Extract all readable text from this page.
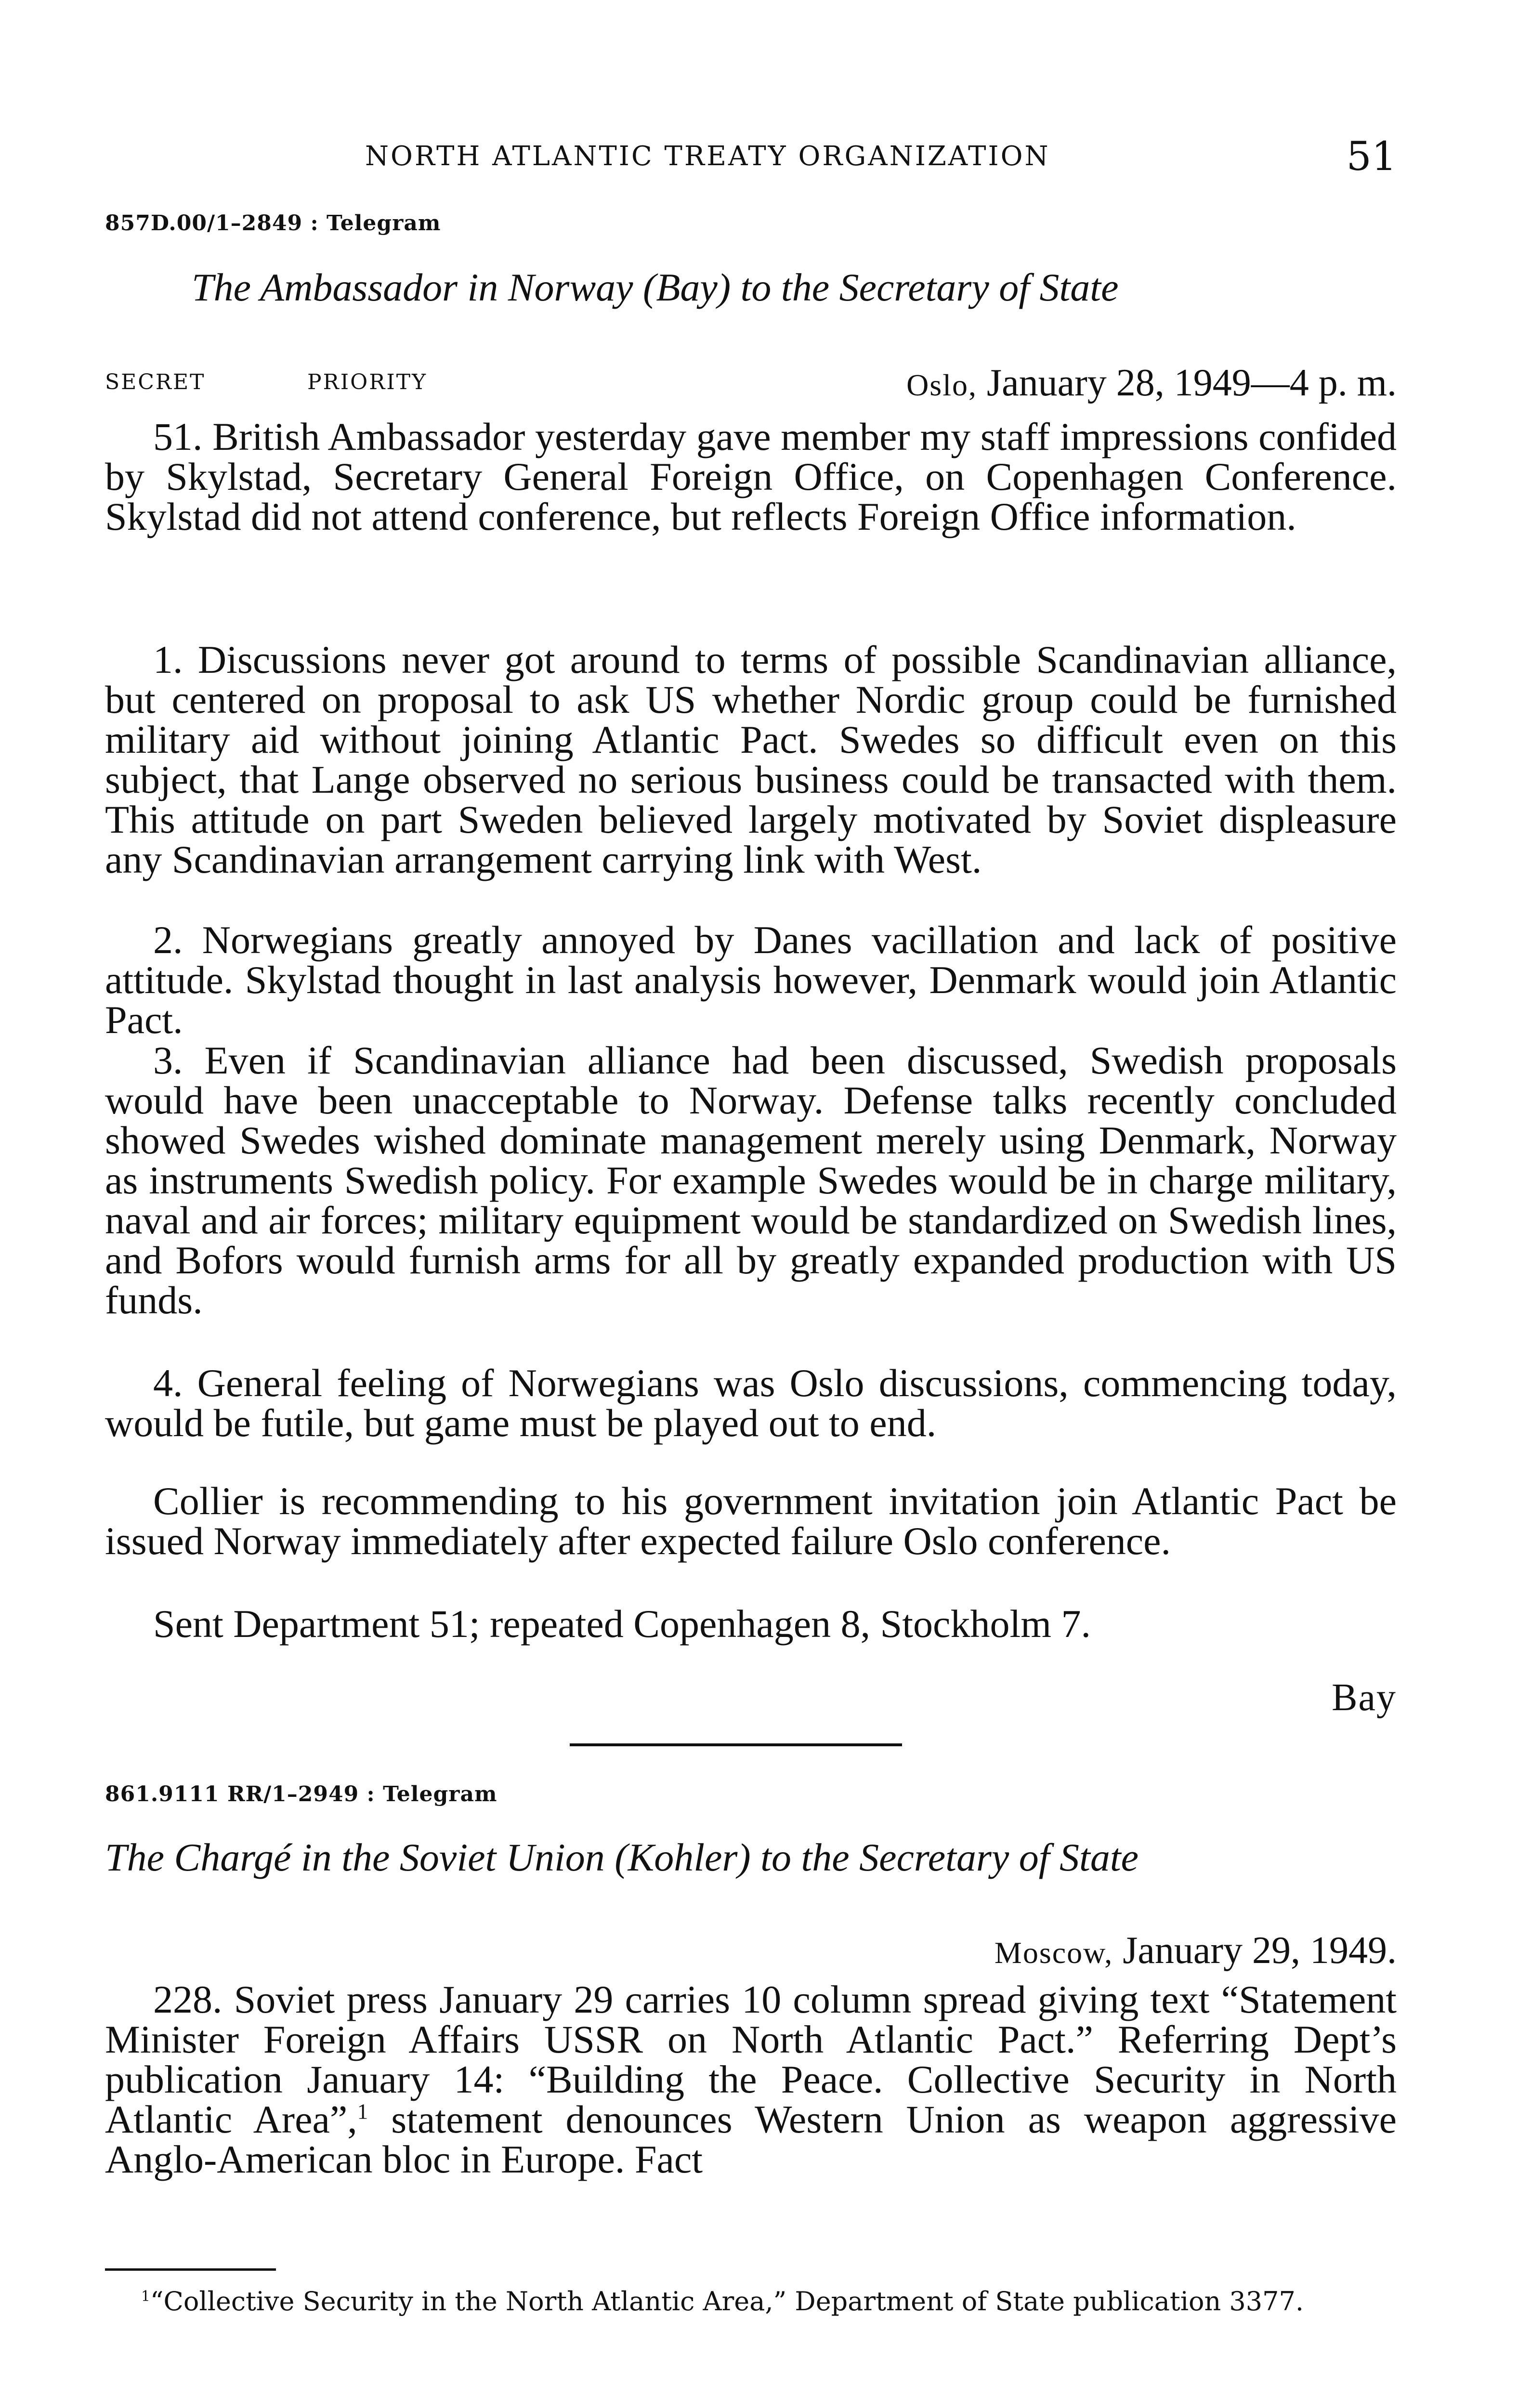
NORTH ATLANTIC TREATY ORGANIZATION	51
857D.00/1–2849 : Telegram
The Ambassador in Norway (Bay) to the Secretary of State
SECRET	PRIORITY	Oslo, January 28, 1949—4 p. m.

51. British Ambassador yesterday gave member my staff impressions confided by Skylstad, Secretary General Foreign Office, on Copenhagen Conference. Skylstad did not attend conference, but reflects Foreign Office information.

1. Discussions never got around to terms of possible Scandinavian alliance, but centered on proposal to ask US whether Nordic group could be furnished military aid without joining Atlantic Pact. Swedes so difficult even on this subject, that Lange observed no serious business could be transacted with them. This attitude on part Sweden believed largely motivated by Soviet displeasure any Scandinavian arrangement carrying link with West.

2. Norwegians greatly annoyed by Danes vacillation and lack of positive attitude. Skylstad thought in last analysis however, Denmark would join Atlantic Pact.

3. Even if Scandinavian alliance had been discussed, Swedish proposals would have been unacceptable to Norway. Defense talks recently concluded showed Swedes wished dominate management merely using Denmark, Norway as instruments Swedish policy. For example Swedes would be in charge military, naval and air forces; military equipment would be standardized on Swedish lines, and Bofors would furnish arms for all by greatly expanded production with US funds.

4. General feeling of Norwegians was Oslo discussions, commencing today, would be futile, but game must be played out to end.

Collier is recommending to his government invitation join Atlantic Pact be issued Norway immediately after expected failure Oslo conference.

Sent Department 51; repeated Copenhagen 8, Stockholm 7.

Bay
861.9111 RR/1–2949 : Telegram
The Chargé in the Soviet Union (Kohler) to the Secretary of State
Moscow, January 29, 1949.

228. Soviet press January 29 carries 10 column spread giving text “Statement Minister Foreign Affairs USSR on North Atlantic Pact.” Referring Dept’s publication January 14: “Building the Peace. Collective Security in North Atlantic Area”,$^1$ statement denounces Western Union as weapon aggressive Anglo-American bloc in Europe. Fact

$^1$“Collective Security in the North Atlantic Area,” Department of State publication 3377.
